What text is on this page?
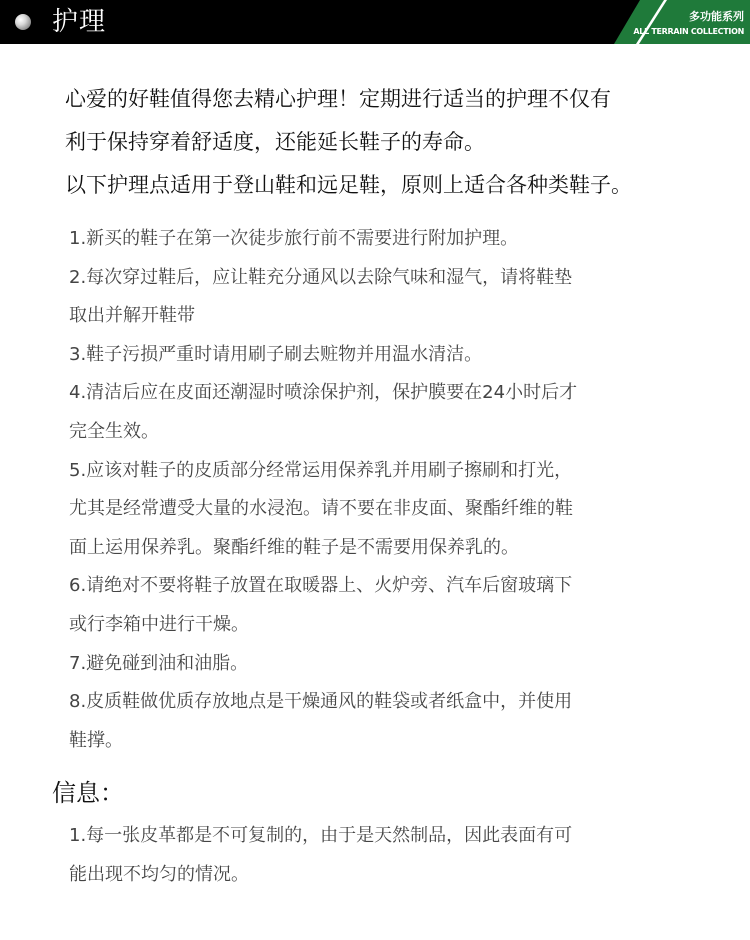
护理	多功能系列
ALL TERRAIN COLLECTION

心爱的好鞋值得您去精心护理！定期进行适当的护理不仅有

利于保持穿着舒适度，还能延长鞋子的寿命。

以下护理点适用于登山鞋和远足鞋，原则上适合各种类鞋子。

1.新买的鞋子在第一次徒步旅行前不需要进行附加护理。

2.每次穿过鞋后，应让鞋充分通风以去除气味和湿气，请将鞋垫

取出并解开鞋带

3.鞋子污损严重时请用刷子刷去赃物并用温水清洁。

4.清洁后应在皮面还潮湿时喷涂保护剂，保护膜要在24小时后才

完全生效。

5.应该对鞋子的皮质部分经常运用保养乳并用刷子擦刷和打光，

尤其是经常遭受大量的水浸泡。请不要在非皮面、聚酯纤维的鞋

面上运用保养乳。聚酯纤维的鞋子是不需要用保养乳的。

6.请绝对不要将鞋子放置在取暖器上、火炉旁、汽车后窗玻璃下

或行李箱中进行干燥。

7.避免碰到油和油脂。

8.皮质鞋做优质存放地点是干燥通风的鞋袋或者纸盒中，并使用

鞋撑。

信息：

1.每一张皮革都是不可复制的，由于是天然制品，因此表面有可

能出现不均匀的情况。
